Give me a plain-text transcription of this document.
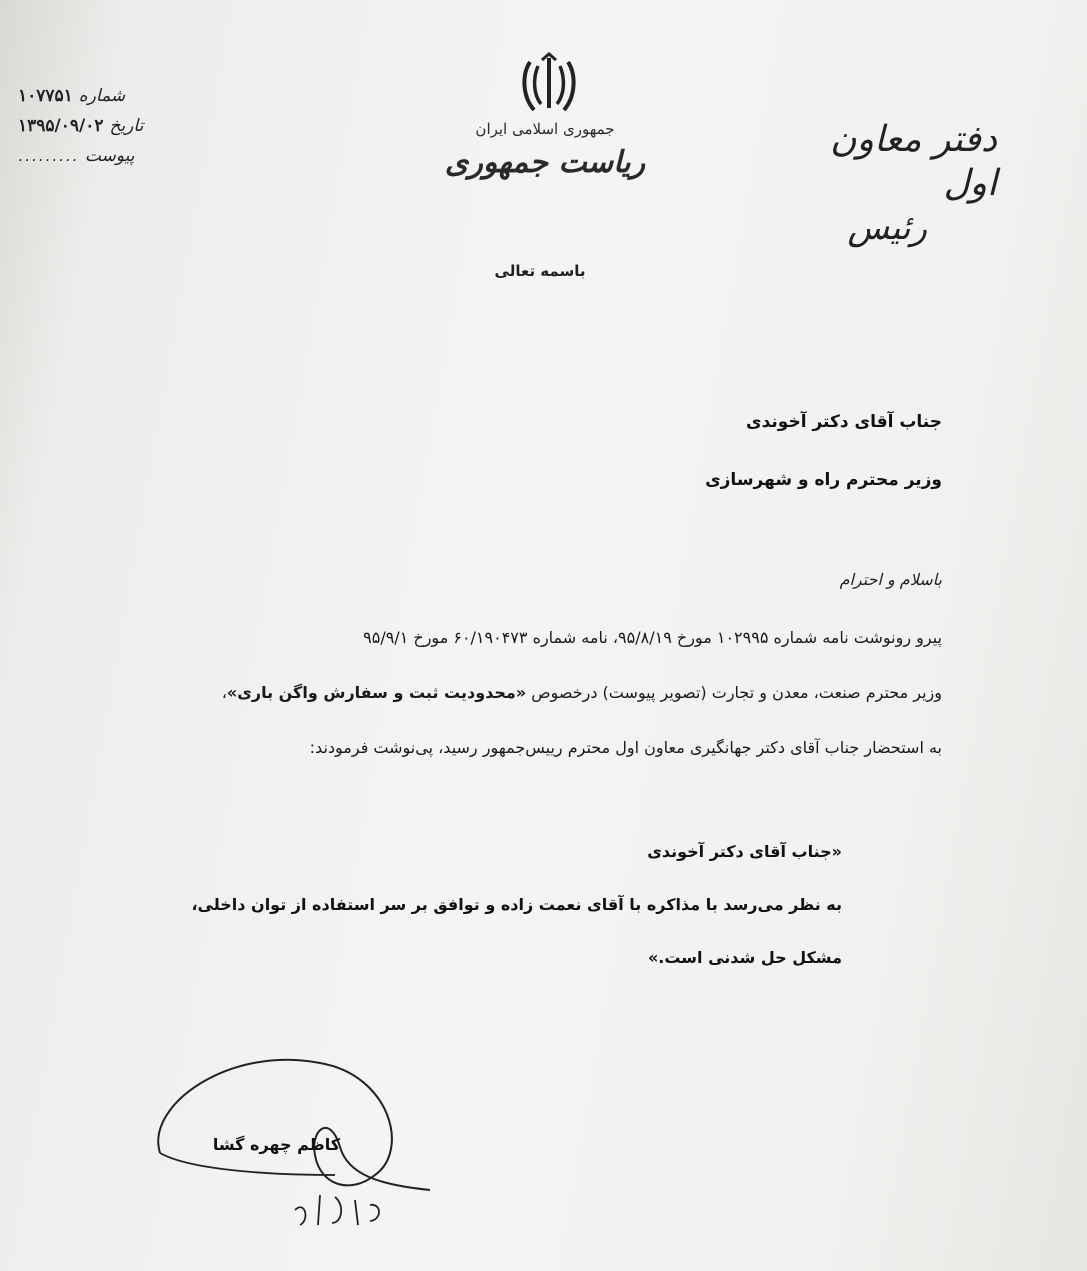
دفتر معاون اول
رئیس
جمهوری اسلامی ایران
ریاست جمهوری
شماره
۱۰۷۷۵۱
تاریخ
۱۳۹۵/۰۹/۰۲
پیوست
.........
باسمه تعالی
جناب آقای دکتر آخوندی
وزیر محترم راه و شهرسازی
باسلام و احترام
پیرو رونوشت نامه شماره ۱۰۲۹۹۵ مورخ ۹۵/۸/۱۹، نامه شماره ۶۰/۱۹۰۴۷۳ مورخ ۹۵/۹/۱
وزیر محترم صنعت، معدن و تجارت (تصویر پیوست) درخصوص «محدودیت ثبت و سفارش واگن باری»،
به استحضار جناب آقای دکتر جهانگیری معاون اول محترم رییس‌جمهور رسید، پی‌نوشت فرمودند:
«جناب آقای دکتر آخوندی
به نظر می‌رسد با مذاکره با آقای نعمت زاده و توافق بر سر استفاده از توان داخلی،
مشکل حل شدنی است.»
کاظم چهره گشا
